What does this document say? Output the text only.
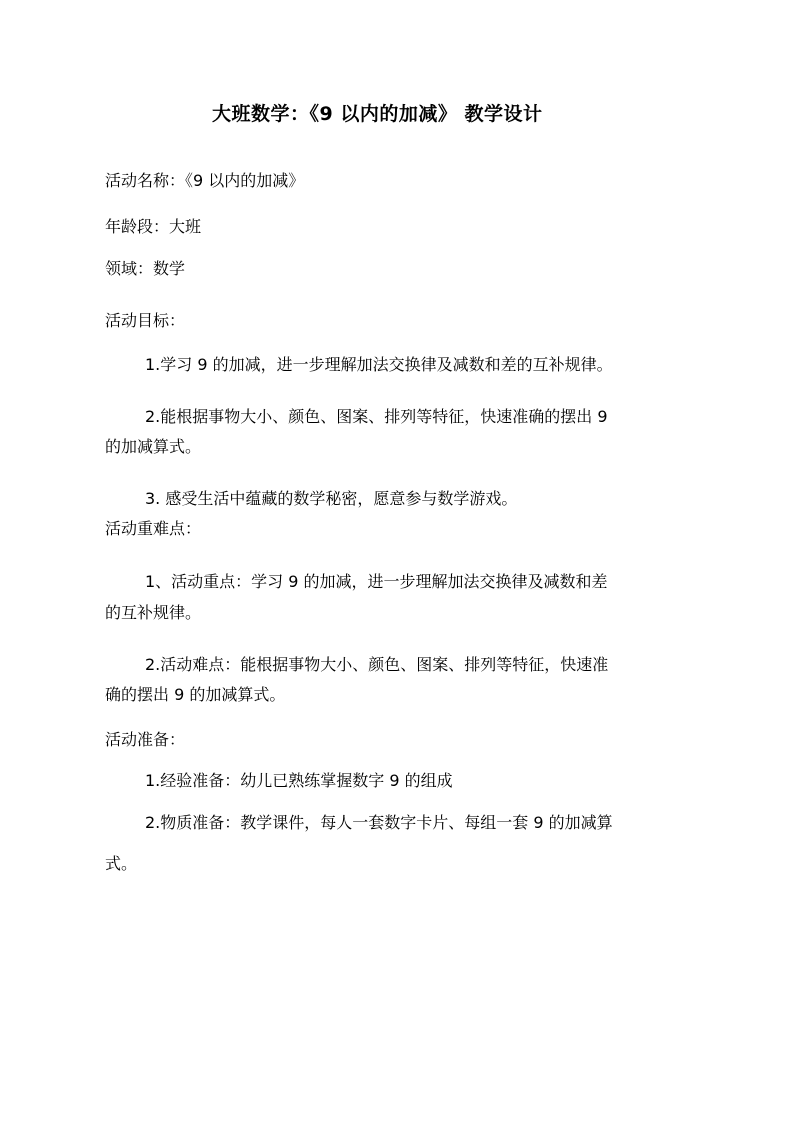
大班数学：《9 以内的加减》 教学设计

活动名称：《9 以内的加减》

年龄段：大班

领域：数学

活动目标：

1.学习 9 的加减，进一步理解加法交换律及减数和差的互补规律。

2.能根据事物大小、颜色、图案、排列等特征，快速准确的摆出 9

的加减算式。

3. 感受生活中蕴藏的数学秘密，愿意参与数学游戏。

活动重难点：

1、活动重点：学习 9 的加减，进一步理解加法交换律及减数和差

的互补规律。

2.活动难点：能根据事物大小、颜色、图案、排列等特征，快速准

确的摆出 9 的加减算式。

活动准备：

1.经验准备：幼儿已熟练掌握数字 9 的组成

2.物质准备：教学课件，每人一套数字卡片、每组一套 9 的加减算

式。
